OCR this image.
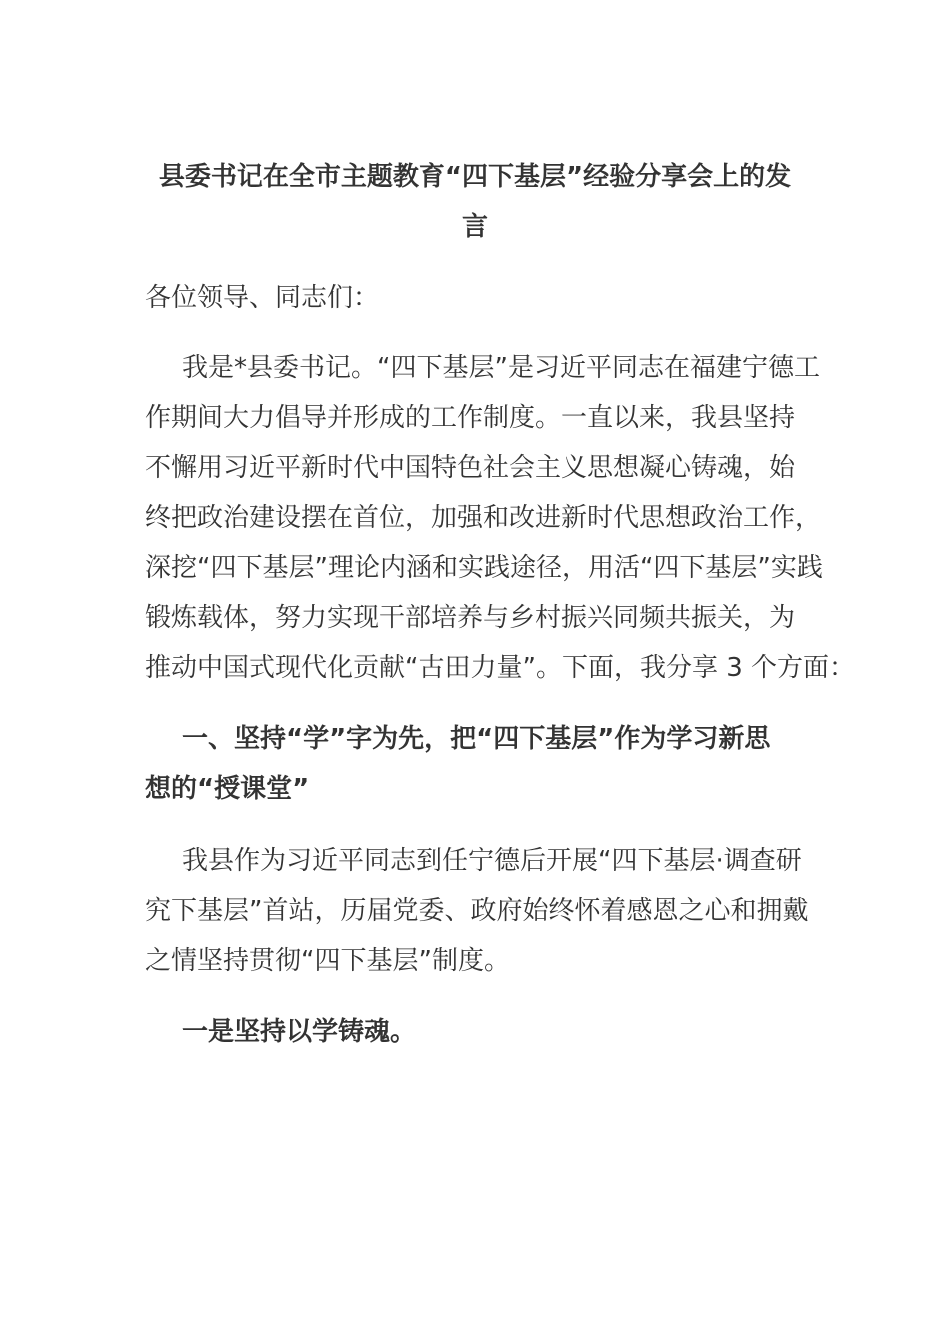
县委书记在全市主题教育“四下基层”经验分享会上的发
言

各位领导、同志们：

我是*县委书记。“四下基层”是习近平同志在福建宁德工
作期间大力倡导并形成的工作制度。一直以来，我县坚持
不懈用习近平新时代中国特色社会主义思想凝心铸魂，始
终把政治建设摆在首位，加强和改进新时代思想政治工作，
深挖“四下基层”理论内涵和实践途径，用活“四下基层”实践
锻炼载体，努力实现干部培养与乡村振兴同频共振关，为
推动中国式现代化贡献“古田力量”。下面，我分享 3 个方面：

一、坚持“学”字为先，把“四下基层”作为学习新思
想的“授课堂”

我县作为习近平同志到任宁德后开展“四下基层·调查研
究下基层”首站，历届党委、政府始终怀着感恩之心和拥戴
之情坚持贯彻“四下基层”制度。

一是坚持以学铸魂。
